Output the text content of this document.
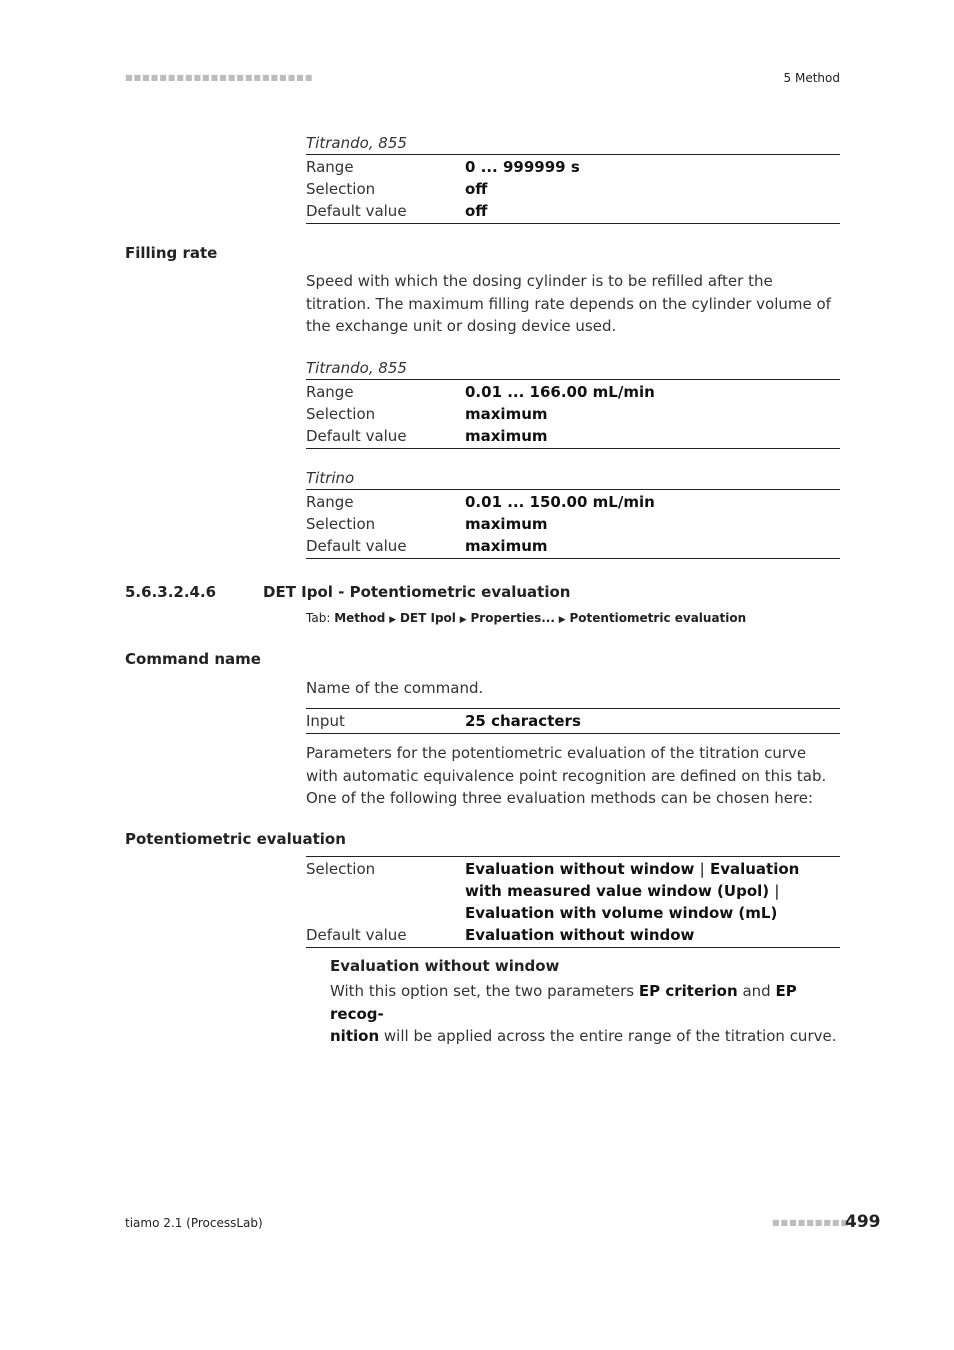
■■■■■■■■■■■■■■■■■■■■■■	5 Method
Titrando, 855
Range	0 ... 999999 s
Selection	off
Default value	off
Filling rate
Speed with which the dosing cylinder is to be refilled after the titration. The maximum filling rate depends on the cylinder volume of the exchange unit or dosing device used.
Titrando, 855
Range	0.01 ... 166.00 mL/min
Selection	maximum
Default value	maximum
Titrino
Range	0.01 ... 150.00 mL/min
Selection	maximum
Default value	maximum
5.6.3.2.4.6	DET Ipol - Potentiometric evaluation
Tab: Method ▶ DET Ipol ▶ Properties... ▶ Potentiometric evaluation
Command name
Name of the command.
Input	25 characters
Parameters for the potentiometric evaluation of the titration curve with automatic equivalence point recognition are defined on this tab. One of the following three evaluation methods can be chosen here:
Potentiometric evaluation
Selection	Evaluation without window | Evaluation with measured value window (Upol) | Evaluation with volume window (mL)
Default value	Evaluation without window
Evaluation without window
With this option set, the two parameters EP criterion and EP recog-
nition will be applied across the entire range of the titration curve.
tiamo 2.1 (ProcessLab)	■■■■■■■■■
499
